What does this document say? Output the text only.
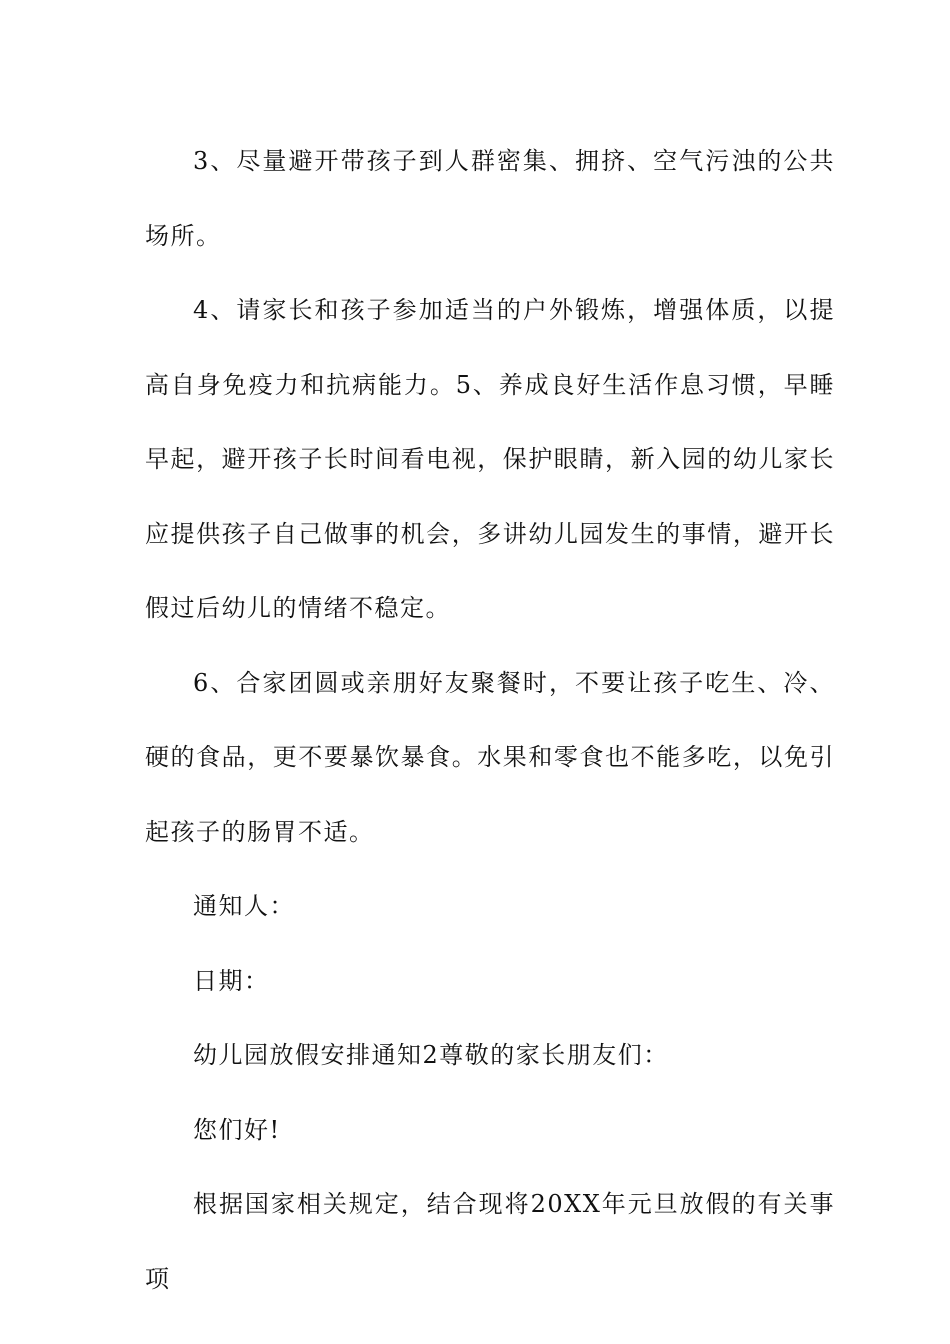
3、尽量避开带孩子到人群密集、拥挤、空气污浊的公共场所。

4、请家长和孩子参加适当的户外锻炼，增强体质，以提高自身免疫力和抗病能力。5、养成良好生活作息习惯，早睡早起，避开孩子长时间看电视，保护眼睛，新入园的幼儿家长应提供孩子自己做事的机会，多讲幼儿园发生的事情，避开长假过后幼儿的情绪不稳定。

6、合家团圆或亲朋好友聚餐时，不要让孩子吃生、冷、硬的食品，更不要暴饮暴食。水果和零食也不能多吃，以免引起孩子的肠胃不适。

通知人：

日期：

幼儿园放假安排通知2尊敬的家长朋友们：

您们好!

根据国家相关规定，结合现将20XX年元旦放假的有关事项
